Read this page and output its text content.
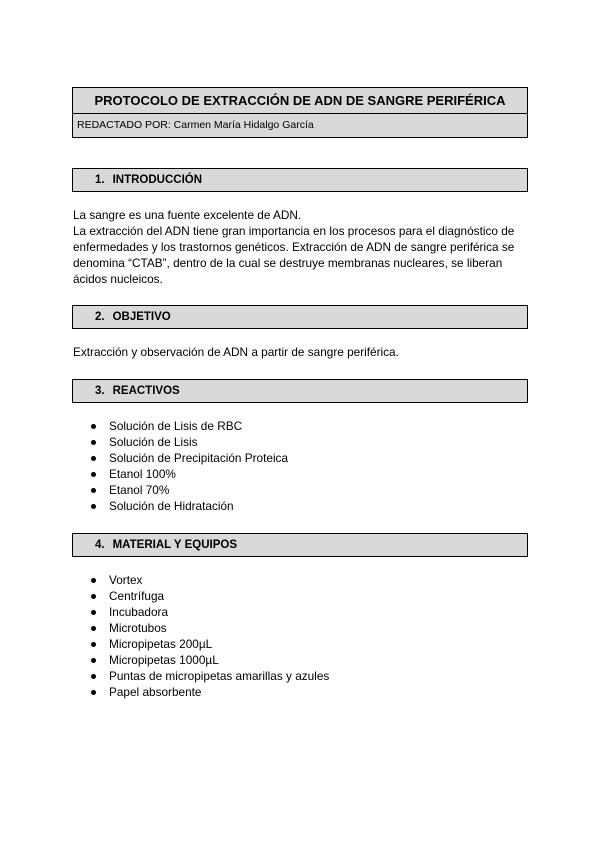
PROTOCOLO DE EXTRACCIÓN DE ADN DE SANGRE PERIFÉRICA
REDACTADO POR: Carmen María Hidalgo García
1. INTRODUCCIÓN
La sangre es una fuente excelente de ADN.
La extracción del ADN tiene gran importancia en los procesos para el diagnóstico de
enfermedades y los trastornos genéticos. Extracción de ADN de sangre periférica se
denomina “CTAB”, dentro de la cual se destruye membranas nucleares, se liberan
ácidos nucleicos.
2. OBJETIVO
Extracción y observación de ADN a partir de sangre periférica.
3. REACTIVOS
Solución de Lisis de RBC
Solución de Lisis
Solución de Precipitación Proteica
Etanol 100%
Etanol 70%
Solución de Hidratación
4. MATERIAL Y EQUIPOS
Vortex
Centrífuga
Incubadora
Microtubos
Micropipetas 200µL
Micropipetas 1000µL
Puntas de micropipetas amarillas y azules
Papel absorbente
